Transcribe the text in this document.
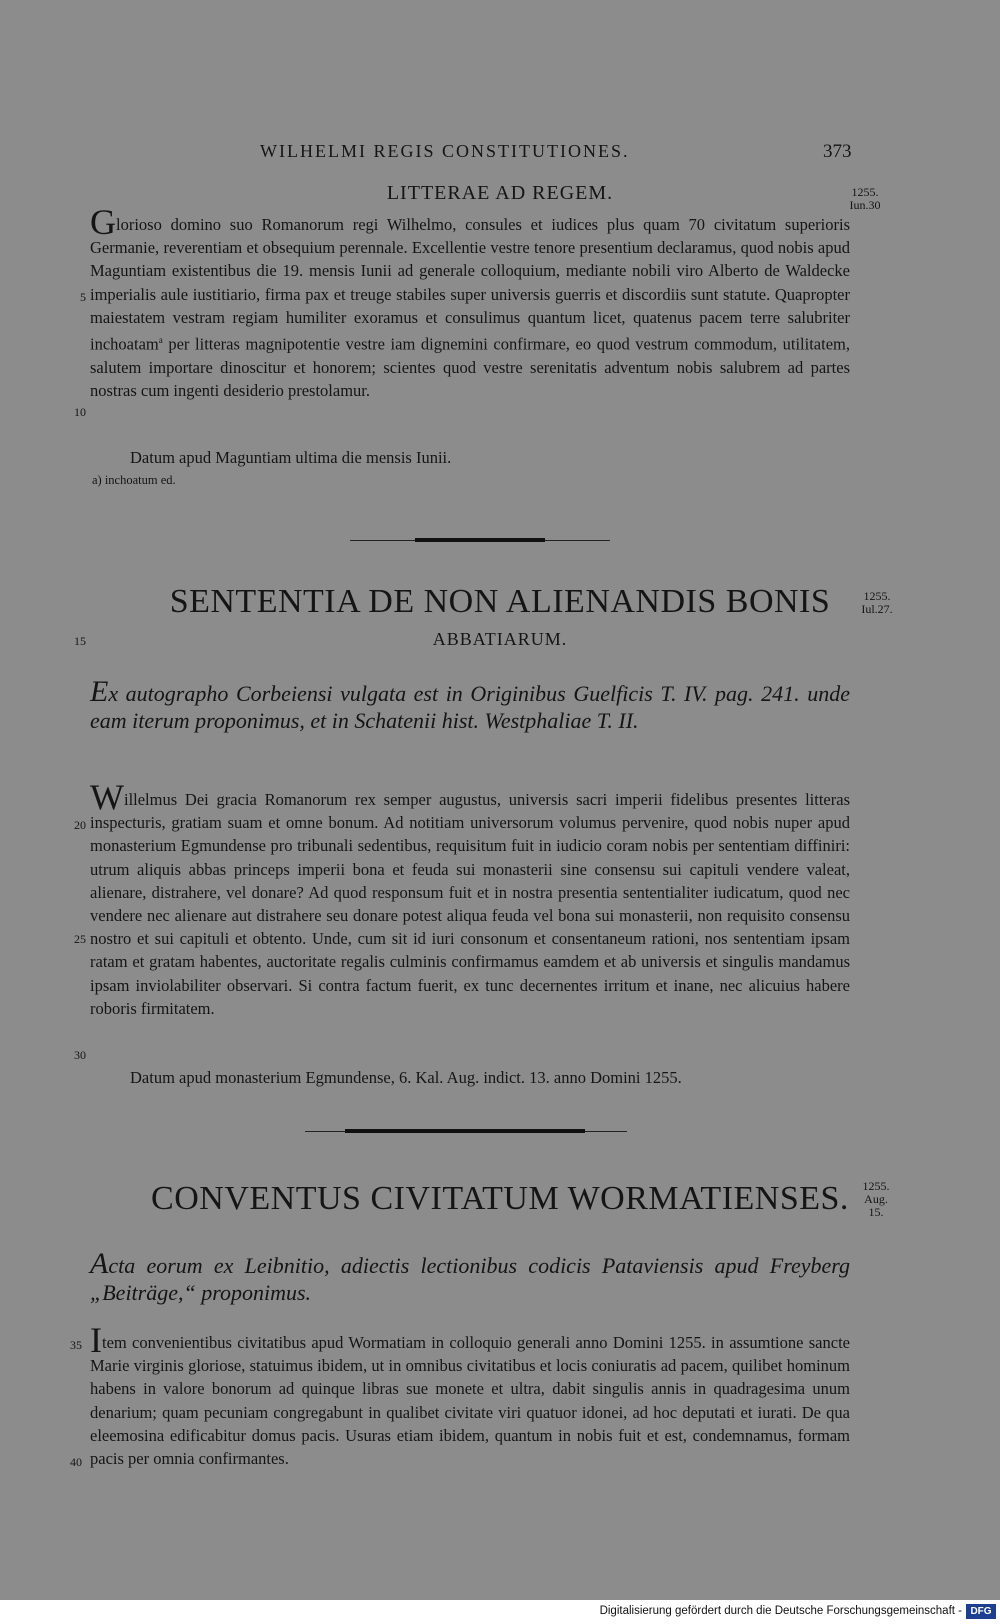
WILHELMI REGIS CONSTITUTIONES.	373
LITTERAE AD REGEM.	1255.
Iun.30

Glorioso domino suo Romanorum regi Wilhelmo, consules et iudices plus quam 70 civitatum superioris Germanie, reverentiam et obsequium perennale. Excellentie vestre tenore presentium declaramus, quod nobis apud Maguntiam existentibus die 19. mensis Iunii ad generale colloquium, mediante nobili viro Alberto de Waldecke imperialis aule iustitiario, firma pax et treuge stabiles super universis guerris et discordiis sunt statute. Quapropter maiestatem vestram regiam humiliter exoramus et consulimus quantum licet, quatenus pacem terre salubriter inchoatam$^a$ per litteras magnipotentie vestre iam dignemini confirmare, eo quod vestrum commodum, utilitatem, salutem importare dinoscitur et honorem; scientes quod vestre serenitatis adventum nobis salubrem ad partes nostras cum ingenti desiderio prestolamur.

Datum apud Maguntiam ultima die mensis Iunii.

5
10
a) inchoatum ed.
SENTENTIA DE NON ALIENANDIS BONIS
ABBATIARUM.
1255.
Iul.27.
15

Ex autographo Corbeiensi vulgata est in Originibus Guelficis T. IV. pag. 241. unde eam iterum proponimus, et in Schatenii hist. Westphaliae T. II.

Willelmus Dei gracia Romanorum rex semper augustus, universis sacri imperii fidelibus presentes litteras inspecturis, gratiam suam et omne bonum. Ad notitiam universorum volumus pervenire, quod nobis nuper apud monasterium Egmundense pro tribunali sedentibus, requisitum fuit in iudicio coram nobis per sententiam diffiniri: utrum aliquis abbas princeps imperii bona et feuda sui monasterii sine consensu sui capituli vendere valeat, alienare, distrahere, vel donare? Ad quod responsum fuit et in nostra presentia sententialiter iudicatum, quod nec vendere nec alienare aut distrahere seu donare potest aliqua feuda vel bona sui monasterii, non requisito consensu nostro et sui capituli et obtento. Unde, cum sit id iuri consonum et consentaneum rationi, nos sententiam ipsam ratam et gratam habentes, auctoritate regalis culminis confirmamus eamdem et ab universis et singulis mandamus ipsam inviolabiliter observari. Si contra factum fuerit, ex tunc decernentes irritum et inane, nec alicuius habere roboris firmitatem.

Datum apud monasterium Egmundense, 6. Kal. Aug. indict. 13. anno Domini 1255.

20
25
30
CONVENTUS CIVITATUM WORMATIENSES.	1255.
Aug.
15.

Acta eorum ex Leibnitio, adiectis lectionibus codicis Pataviensis apud Freyberg „Beiträge,“ proponimus.

Item convenientibus civitatibus apud Wormatiam in colloquio generali anno Domini 1255. in assumtione sancte Marie virginis gloriose, statuimus ibidem, ut in omnibus civitatibus et locis coniuratis ad pacem, quilibet hominum habens in valore bonorum ad quinque libras sue monete et ultra, dabit singulis annis in quadragesima unum denarium; quam pecuniam congregabunt in qualibet civitate viri quatuor idonei, ad hoc deputati et iurati. De qua eleemosina edificabitur domus pacis. Usuras etiam ibidem, quantum in nobis fuit et est, condemnamus, formam pacis per omnia confirmantes.

35
40
Digitalisierung gefördert durch die Deutsche Forschungsgemeinschaft - DFG
